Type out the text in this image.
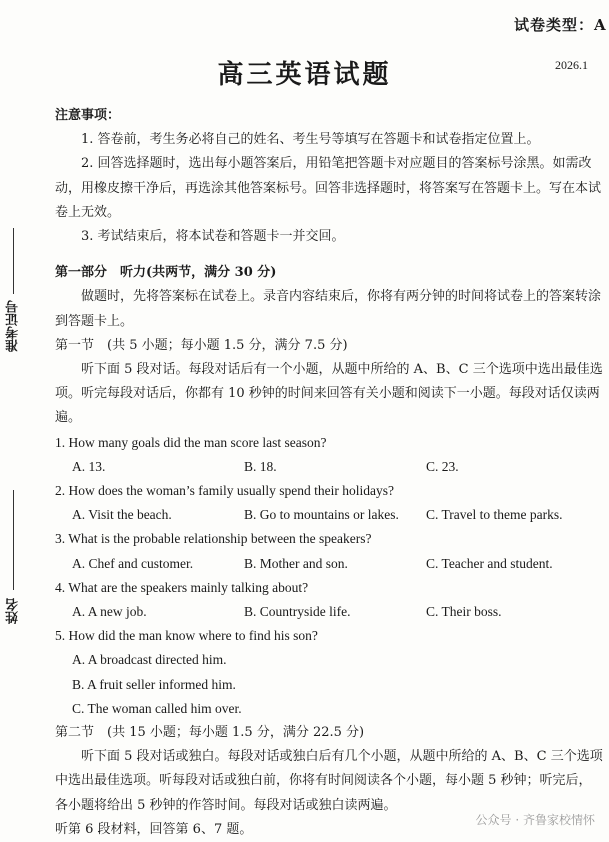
试卷类型：A
高三英语试题	2026.1
准考证号
姓名

注意事项：

1. 答卷前，考生务必将自己的姓名、考生号等填写在答题卡和试卷指定位置上。

2. 回答选择题时，选出每小题答案后，用铅笔把答题卡对应题目的答案标号涂黑。如需改动，用橡皮擦干净后，再选涂其他答案标号。回答非选择题时，将答案写在答题卡上。写在本试卷上无效。

3. 考试结束后，将本试卷和答题卡一并交回。

第一部分　听力(共两节，满分 30 分)

做题时，先将答案标在试卷上。录音内容结束后，你将有两分钟的时间将试卷上的答案转涂到答题卡上。

第一节　(共 5 小题；每小题 1.5 分，满分 7.5 分)

听下面 5 段对话。每段对话后有一个小题，从题中所给的 A、B、C 三个选项中选出最佳选项。听完每段对话后，你都有 10 秒钟的时间来回答有关小题和阅读下一小题。每段对话仅读两遍。

1. How many goals did the man score last season?

A. 13.	B. 18.	C. 23.

2. How does the woman’s family usually spend their holidays?

A. Visit the beach.	B. Go to mountains or lakes.	C. Travel to theme parks.

3. What is the probable relationship between the speakers?

A. Chef and customer.	B. Mother and son.	C. Teacher and student.

4. What are the speakers mainly talking about?

A. A new job.	B. Countryside life.	C. Their boss.

5. How did the man know where to find his son?

A. A broadcast directed him.

B. A fruit seller informed him.

C. The woman called him over.

第二节　(共 15 小题；每小题 1.5 分，满分 22.5 分)

听下面 5 段对话或独白。每段对话或独白后有几个小题，从题中所给的 A、B、C 三个选项中选出最佳选项。听每段对话或独白前，你将有时间阅读各个小题，每小题 5 秒钟；听完后，各小题将给出 5 秒钟的作答时间。每段对话或独白读两遍。

听第 6 段材料，回答第 6、7 题。

公众号 · 齐鲁家校情怀
